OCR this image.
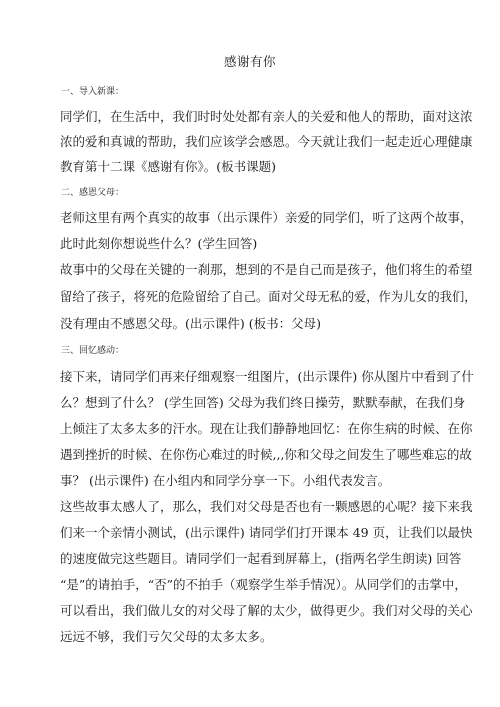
感谢有你
一、导入新课：
同学们，在生活中，我们时时处处都有亲人的关爱和他人的帮助，面对这浓
浓的爱和真诚的帮助，我们应该学会感恩。今天就让我们一起走近心理健康
教育第十二课《感谢有你》。(板书课题)
二、感恩父母：
老师这里有两个真实的故事（出示课件）亲爱的同学们，听了这两个故事，
此时此刻你想说些什么？(学生回答)
故事中的父母在关键的一刹那，想到的不是自己而是孩子，他们将生的希望
留给了孩子，将死的危险留给了自己。面对父母无私的爱，作为儿女的我们，
没有理由不感恩父母。(出示课件) (板书：父母)
三、回忆感动：
接下来，请同学们再来仔细观察一组图片，(出示课件) 你从图片中看到了什
么？想到了什么？ (学生回答) 父母为我们终日操劳，默默奉献，在我们身
上倾注了太多太多的汗水。现在让我们静静地回忆：在你生病的时候、在你
遇到挫折的时候、在你伤心难过的时候,,,你和父母之间发生了哪些难忘的故
事？ (出示课件) 在小组内和同学分享一下。小组代表发言。
这些故事太感人了，那么，我们对父母是否也有一颗感恩的心呢？接下来我
们来一个亲情小测试，(出示课件) 请同学们打开课本 49 页，让我们以最快
的速度做完这些题目。请同学们一起看到屏幕上，(指两名学生朗读) 回答
“是”的请拍手，“否”的不拍手（观察学生举手情况）。从同学们的击掌中，
可以看出，我们做儿女的对父母了解的太少，做得更少。我们对父母的关心
远远不够，我们亏欠父母的太多太多。
